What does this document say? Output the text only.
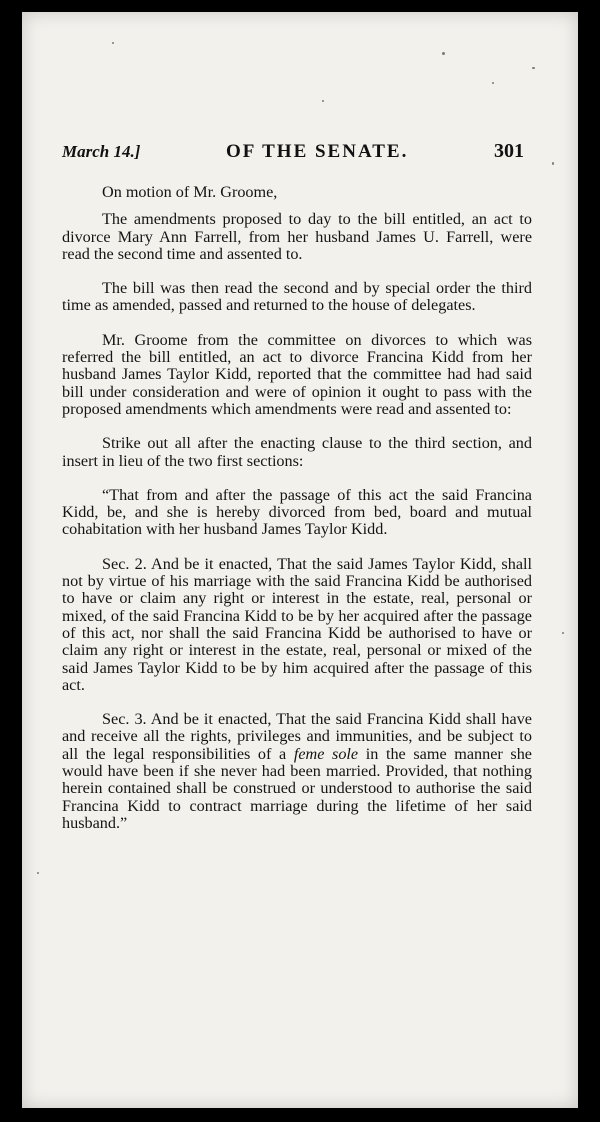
March 14.]	OF THE SENATE.	301

On motion of Mr. Groome,

The amendments proposed to day to the bill entitled, an act to divorce Mary Ann Farrell, from her husband James U. Farrell, were read the second time and assented to.

The bill was then read the second and by special order the third time as amended, passed and returned to the house of delegates.

Mr. Groome from the committee on divorces to which was referred the bill entitled, an act to divorce Francina Kidd from her husband James Taylor Kidd, reported that the committee had had said bill under consideration and were of opinion it ought to pass with the proposed amendments which amendments were read and assented to:

Strike out all after the enacting clause to the third section, and insert in lieu of the two first sections:

“That from and after the passage of this act the said Francina Kidd, be, and she is hereby divorced from bed, board and mutual cohabitation with her husband James Taylor Kidd.

Sec. 2. And be it enacted, That the said James Taylor Kidd, shall not by virtue of his marriage with the said Francina Kidd be authorised to have or claim any right or interest in the estate, real, personal or mixed, of the said Francina Kidd to be by her acquired after the passage of this act, nor shall the said Francina Kidd be authorised to have or claim any right or interest in the estate, real, personal or mixed of the said James Taylor Kidd to be by him acquired after the passage of this act.

Sec. 3. And be it enacted, That the said Francina Kidd shall have and receive all the rights, privileges and immunities, and be subject to all the legal responsibilities of a feme sole in the same manner she would have been if she never had been married. Provided, that nothing herein contained shall be construed or understood to authorise the said Francina Kidd to contract marriage during the lifetime of her said husband.”
